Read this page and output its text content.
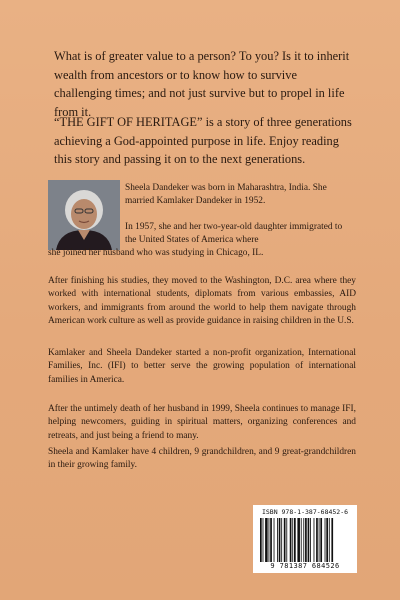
What is of greater value to a person? To you? Is it to inherit wealth from ancestors or to know how to survive challenging times; and not just survive but to propel in life from it.

“THE GIFT OF HERITAGE” is a story of three generations achieving a God-appointed purpose in life. Enjoy reading this story and passing it on to the next generations.

Sheela Dandeker was born in Maharashtra, India. She married Kamlaker Dandeker in 1952.

In 1957, she and her two-year-old daughter immigrated to the United States of America where

she joined her husband who was studying in Chicago, IL.

After finishing his studies, they moved to the Washington, D.C. area where they worked with international students, diplomats from various embassies, AID workers, and immigrants from around the world to help them navigate through American work culture as well as provide guidance in raising children in the U.S.

Kamlaker and Sheela Dandeker started a non-profit organization, International Families, Inc. (IFI) to better serve the growing population of international families in America.

After the untimely death of her husband in 1999, Sheela continues to manage IFI, helping newcomers, guiding in spiritual matters, organizing conferences and retreats, and just being a friend to many.

Sheela and Kamlaker have 4 children, 9 grandchildren, and 9 great-grandchildren in their growing family.

ISBN 978-1-387-68452-6
9 781387 684526
